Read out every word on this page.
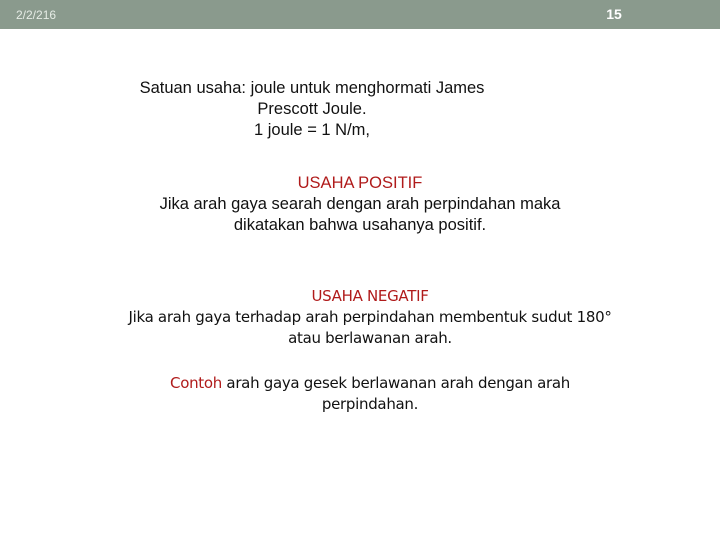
2/2/216	15
Satuan usaha: joule untuk menghormati James
Prescott Joule.
1 joule = 1 N/m,
USAHA POSITIF
Jika arah gaya searah dengan arah perpindahan maka
dikatakan bahwa usahanya positif.
USAHA NEGATIF
Jika arah gaya terhadap arah perpindahan membentuk sudut 180°
atau berlawanan arah.
Contoh arah gaya gesek berlawanan arah dengan arah
perpindahan.
